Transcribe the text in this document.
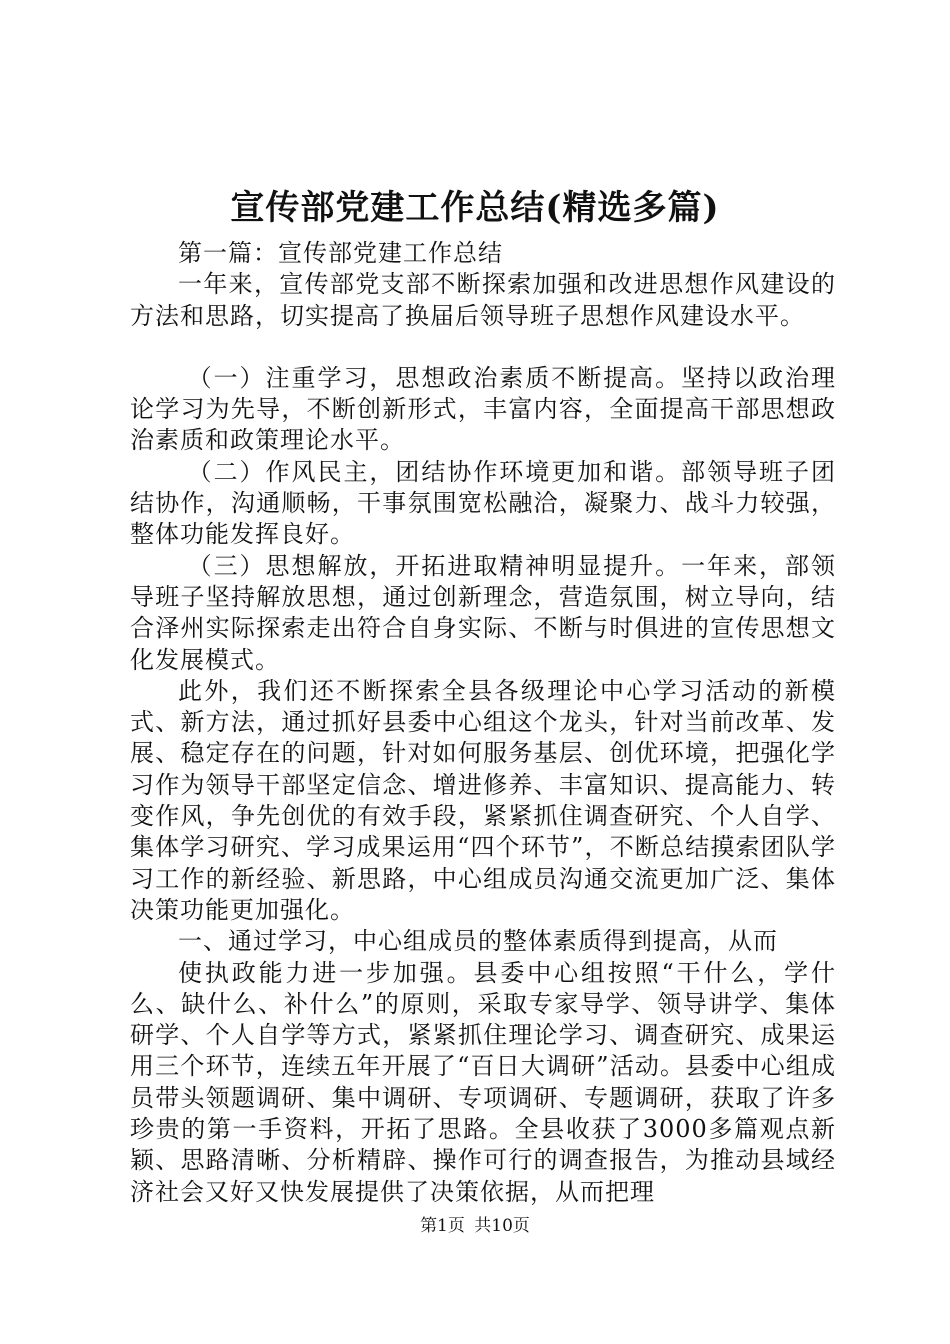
宣传部党建工作总结(精选多篇)

第一篇：宣传部党建工作总结

一年来，宣传部党支部不断探索加强和改进思想作风建设的方法和思路，切实提高了换届后领导班子思想作风建设水平。

（一）注重学习，思想政治素质不断提高。坚持以政治理论学习为先导，不断创新形式，丰富内容，全面提高干部思想政治素质和政策理论水平。

（二）作风民主，团结协作环境更加和谐。部领导班子团结协作，沟通顺畅，干事氛围宽松融洽，凝聚力、战斗力较强，整体功能发挥良好。

（三）思想解放，开拓进取精神明显提升。一年来，部领导班子坚持解放思想，通过创新理念，营造氛围，树立导向，结合泽州实际探索走出符合自身实际、不断与时俱进的宣传思想文化发展模式。

此外，我们还不断探索全县各级理论中心学习活动的新模式、新方法，通过抓好县委中心组这个龙头，针对当前改革、发展、稳定存在的问题，针对如何服务基层、创优环境，把强化学习作为领导干部坚定信念、增进修养、丰富知识、提高能力、转变作风，争先创优的有效手段，紧紧抓住调查研究、个人自学、集体学习研究、学习成果运用“四个环节”，不断总结摸索团队学习工作的新经验、新思路，中心组成员沟通交流更加广泛、集体决策功能更加强化。

一、通过学习，中心组成员的整体素质得到提高，从而

使执政能力进一步加强。县委中心组按照“干什么，学什么、缺什么、补什么”的原则，采取专家导学、领导讲学、集体研学、个人自学等方式，紧紧抓住理论学习、调查研究、成果运用三个环节，连续五年开展了“百日大调研”活动。县委中心组成员带头领题调研、集中调研、专项调研、专题调研，获取了许多珍贵的第一手资料，开拓了思路。全县收获了3000多篇观点新颖、思路清晰、分析精辟、操作可行的调查报告，为推动县域经济社会又好又快发展提供了决策依据，从而把理

第1页 共10页
